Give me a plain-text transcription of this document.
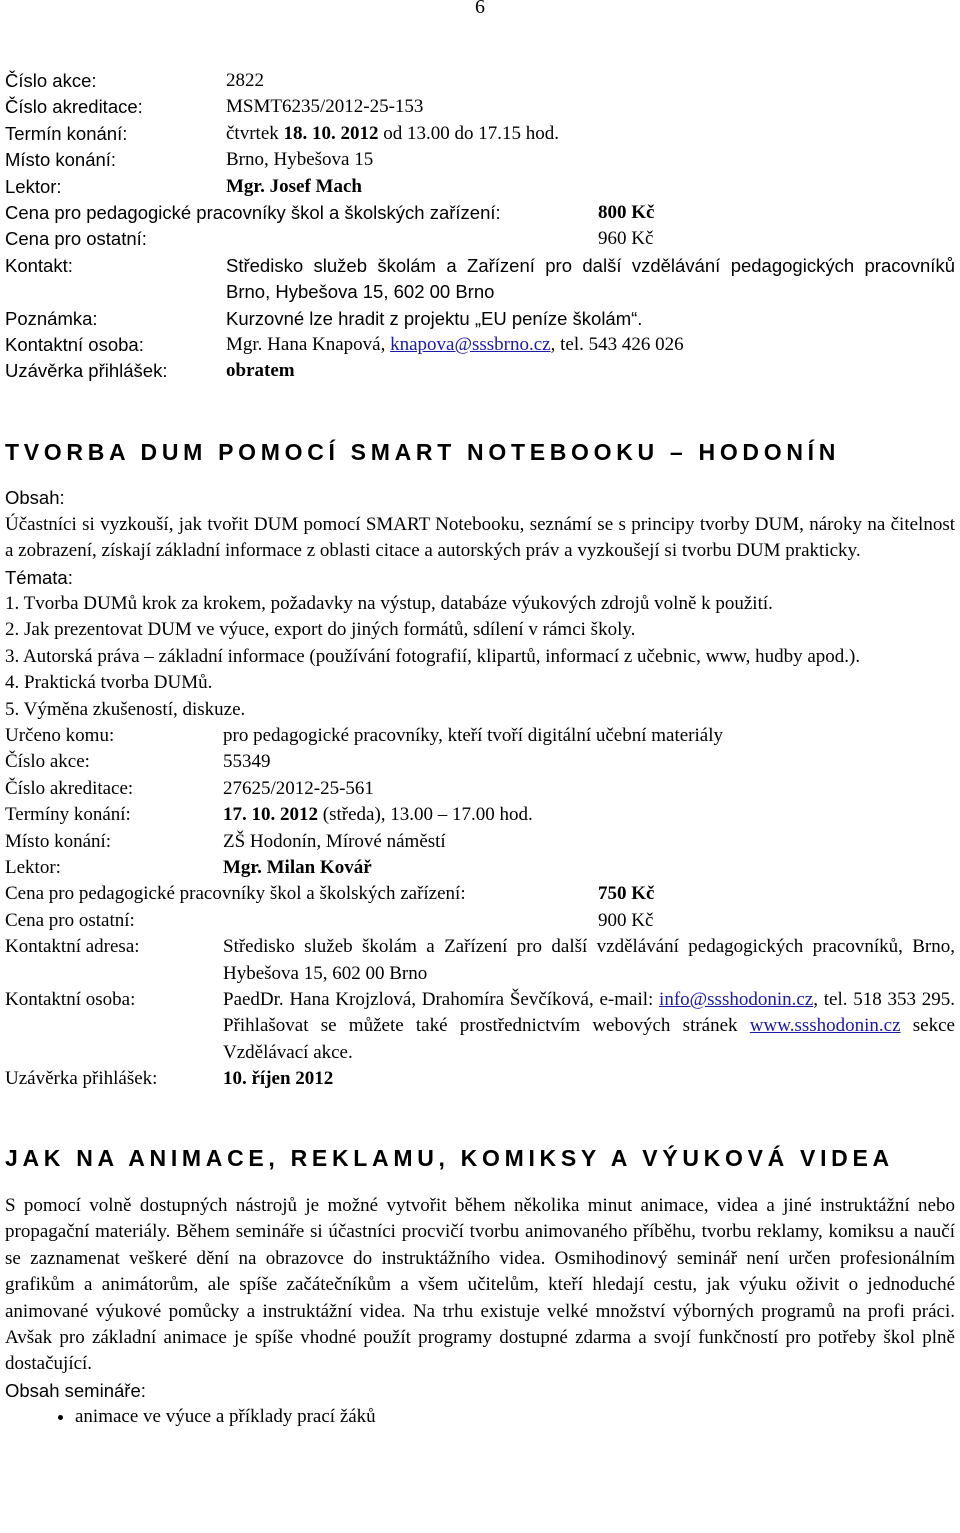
6
Číslo akce:	2822
Číslo akreditace:	MSMT6235/2012-25-153
Termín konání:	čtvrtek 18. 10. 2012 od 13.00 do 17.15 hod.
Místo konání:	Brno, Hybešova 15
Lektor:	Mgr. Josef Mach
Cena pro pedagogické pracovníky škol a školských zařízení:	800 Kč
Cena pro ostatní:	960 Kč
Kontakt:	Středisko služeb školám a Zařízení pro další vzdělávání pedagogických pracovníků Brno, Hybešova 15, 602 00 Brno
Poznámka:	Kurzovné lze hradit z projektu „EU peníze školám“.
Kontaktní osoba:	Mgr. Hana Knapová, knapova@sssbrno.cz, tel. 543 426 026
Uzávěrka přihlášek:	obratem
TVORBA DUM POMOCÍ SMART NOTEBOOKU – HODONÍN
Obsah:
Účastníci si vyzkouší, jak tvořit DUM pomocí SMART Notebooku, seznámí se s principy tvorby DUM, nároky na čitelnost a zobrazení, získají základní informace z oblasti citace a autorských práv a vyzkoušejí si tvorbu DUM prakticky.
Témata:
1. Tvorba DUMů krok za krokem, požadavky na výstup, databáze výukových zdrojů volně k použití.
2. Jak prezentovat DUM ve výuce, export do jiných formátů, sdílení v rámci školy.
3. Autorská práva – základní informace (používání fotografií, klipartů, informací z učebnic, www, hudby apod.).
4. Praktická tvorba DUMů.
5. Výměna zkušeností, diskuze.
Určeno komu:	pro pedagogické pracovníky, kteří tvoří digitální učební materiály
Číslo akce:	55349
Číslo akreditace:	27625/2012-25-561
Termíny konání:	17. 10. 2012 (středa), 13.00 – 17.00 hod.
Místo konání:	ZŠ Hodonín, Mírové náměstí
Lektor:	Mgr. Milan Kovář
Cena pro pedagogické pracovníky škol a školských zařízení:	750 Kč
Cena pro ostatní:	900 Kč
Kontaktní adresa:	Středisko služeb školám a Zařízení pro další vzdělávání pedagogických pracovníků, Brno, Hybešova 15, 602 00 Brno
Kontaktní osoba:	PaedDr. Hana Krojzlová, Drahomíra Ševčíková, e-mail: info@ssshodonin.cz, tel. 518 353 295. Přihlašovat se můžete také prostřednictvím webových stránek www.ssshodonin.cz sekce Vzdělávací akce.
Uzávěrka přihlášek:	10. říjen 2012
JAK NA ANIMACE, REKLAMU, KOMIKSY A VÝUKOVÁ VIDEA
S pomocí volně dostupných nástrojů je možné vytvořit během několika minut animace, videa a jiné instruktážní nebo propagační materiály. Během semináře si účastníci procvičí tvorbu animovaného příběhu, tvorbu reklamy, komiksu a naučí se zaznamenat veškeré dění na obrazovce do instruktážního videa. Osmihodinový seminář není určen profesionálním grafikům a animátorům, ale spíše začátečníkům a všem učitelům, kteří hledají cestu, jak výuku oživit o jednoduché animované výukové pomůcky a instruktážní videa. Na trhu existuje velké množství výborných programů na profi práci. Avšak pro základní animace je spíše vhodné použít programy dostupné zdarma a svojí funkčností pro potřeby škol plně dostačující.
Obsah semináře:
• animace ve výuce a příklady prací žáků
